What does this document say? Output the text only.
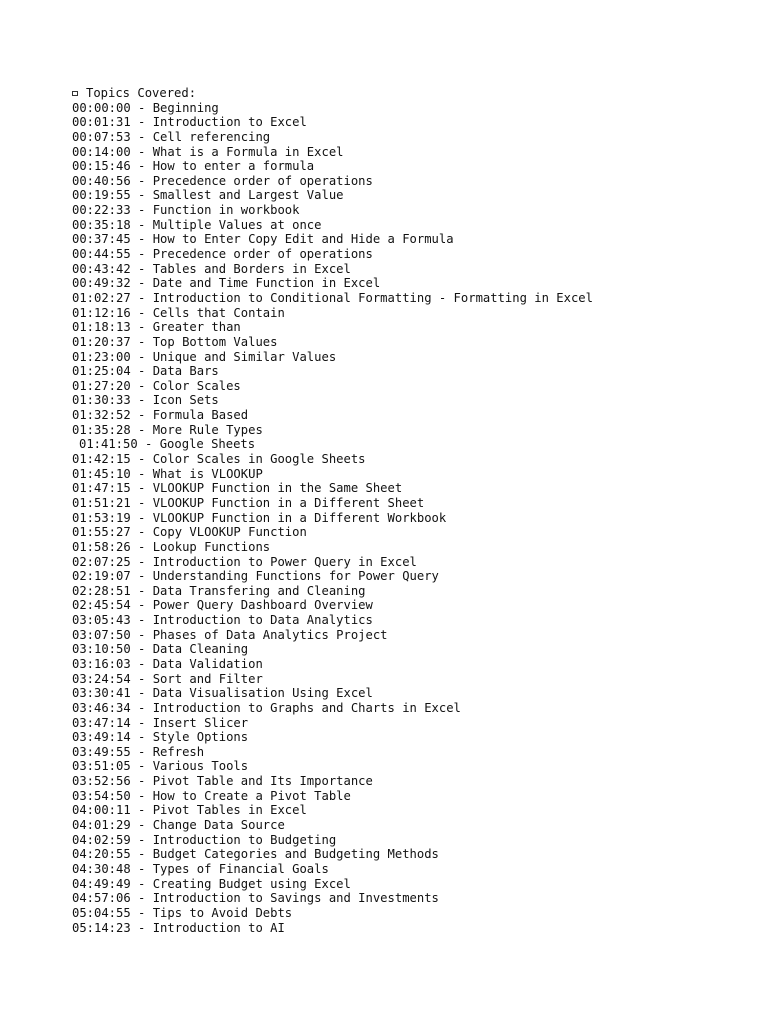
Topics Covered:
00:00:00 - Beginning
00:01:31 - Introduction to Excel
00:07:53 - Cell referencing
00:14:00 - What is a Formula in Excel
00:15:46 - How to enter a formula
00:40:56 - Precedence order of operations
00:19:55 - Smallest and Largest Value
00:22:33 - Function in workbook
00:35:18 - Multiple Values at once
00:37:45 - How to Enter Copy Edit and Hide a Formula
00:44:55 - Precedence order of operations
00:43:42 - Tables and Borders in Excel
00:49:32 - Date and Time Function in Excel
01:02:27 - Introduction to Conditional Formatting - Formatting in Excel
01:12:16 - Cells that Contain
01:18:13 - Greater than
01:20:37 - Top Bottom Values
01:23:00 - Unique and Similar Values
01:25:04 - Data Bars
01:27:20 - Color Scales
01:30:33 - Icon Sets
01:32:52 - Formula Based
01:35:28 - More Rule Types
01:41:50 - Google Sheets
01:42:15 - Color Scales in Google Sheets
01:45:10 - What is VLOOKUP
01:47:15 - VLOOKUP Function in the Same Sheet
01:51:21 - VLOOKUP Function in a Different Sheet
01:53:19 - VLOOKUP Function in a Different Workbook
01:55:27 - Copy VLOOKUP Function
01:58:26 - Lookup Functions
02:07:25 - Introduction to Power Query in Excel
02:19:07 - Understanding Functions for Power Query
02:28:51 - Data Transfering and Cleaning
02:45:54 - Power Query Dashboard Overview
03:05:43 - Introduction to Data Analytics
03:07:50 - Phases of Data Analytics Project
03:10:50 - Data Cleaning
03:16:03 - Data Validation
03:24:54 - Sort and Filter
03:30:41 - Data Visualisation Using Excel
03:46:34 - Introduction to Graphs and Charts in Excel
03:47:14 - Insert Slicer
03:49:14 - Style Options
03:49:55 - Refresh
03:51:05 - Various Tools
03:52:56 - Pivot Table and Its Importance
03:54:50 - How to Create a Pivot Table
04:00:11 - Pivot Tables in Excel
04:01:29 - Change Data Source
04:02:59 - Introduction to Budgeting
04:20:55 - Budget Categories and Budgeting Methods
04:30:48 - Types of Financial Goals
04:49:49 - Creating Budget using Excel
04:57:06 - Introduction to Savings and Investments
05:04:55 - Tips to Avoid Debts
05:14:23 - Introduction to AI
